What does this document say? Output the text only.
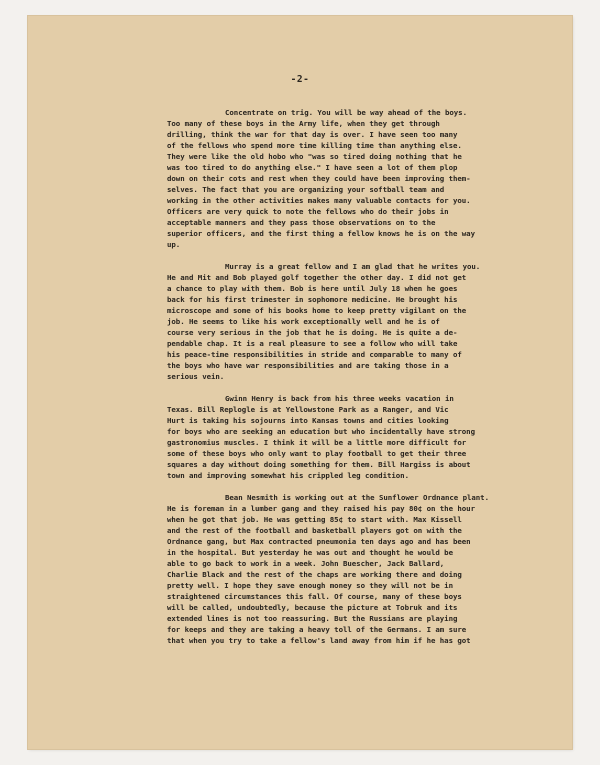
-2-
Concentrate on trig. You will be way ahead of the boys.
Too many of these boys in the Army life, when they get through
drilling, think the war for that day is over. I have seen too many
of the fellows who spend more time killing time than anything else.
They were like the old hobo who "was so tired doing nothing that he
was too tired to do anything else." I have seen a lot of them plop
down on their cots and rest when they could have been improving them-
selves. The fact that you are organizing your softball team and
working in the other activities makes many valuable contacts for you.
Officers are very quick to note the fellows who do their jobs in
acceptable manners and they pass those observations on to the
superior officers, and the first thing a fellow knows he is on the way
up.
Murray is a great fellow and I am glad that he writes you.
He and Mit and Bob played golf together the other day. I did not get
a chance to play with them. Bob is here until July 18 when he goes
back for his first trimester in sophomore medicine. He brought his
microscope and some of his books home to keep pretty vigilant on the
job. He seems to like his work exceptionally well and he is of
course very serious in the job that he is doing. He is quite a de-
pendable chap. It is a real pleasure to see a follow who will take
his peace-time responsibilities in stride and comparable to many of
the boys who have war responsibilities and are taking those in a
serious vein.
Gwinn Henry is back from his three weeks vacation in
Texas. Bill Replogle is at Yellowstone Park as a Ranger, and Vic
Hurt is taking his sojourns into Kansas towns and cities looking
for boys who are seeking an education but who incidentally have strong
gastronomius muscles. I think it will be a little more difficult for
some of these boys who only want to play football to get their three
squares a day without doing something for them. Bill Hargiss is about
town and improving somewhat his crippled leg condition.
Bean Nesmith is working out at the Sunflower Ordnance plant.
He is foreman in a lumber gang and they raised his pay 80¢ on the hour
when he got that job. He was getting 85¢ to start with. Max Kissell
and the rest of the football and basketball players got on with the
Ordnance gang, but Max contracted pneumonia ten days ago and has been
in the hospital. But yesterday he was out and thought he would be
able to go back to work in a week. John Buescher, Jack Ballard,
Charlie Black and the rest of the chaps are working there and doing
pretty well. I hope they save enough money so they will not be in
straightened circumstances this fall. Of course, many of these boys
will be called, undoubtedly, because the picture at Tobruk and its
extended lines is not too reassuring. But the Russians are playing
for keeps and they are taking a heavy toll of the Germans. I am sure
that when you try to take a fellow's land away from him if he has got
